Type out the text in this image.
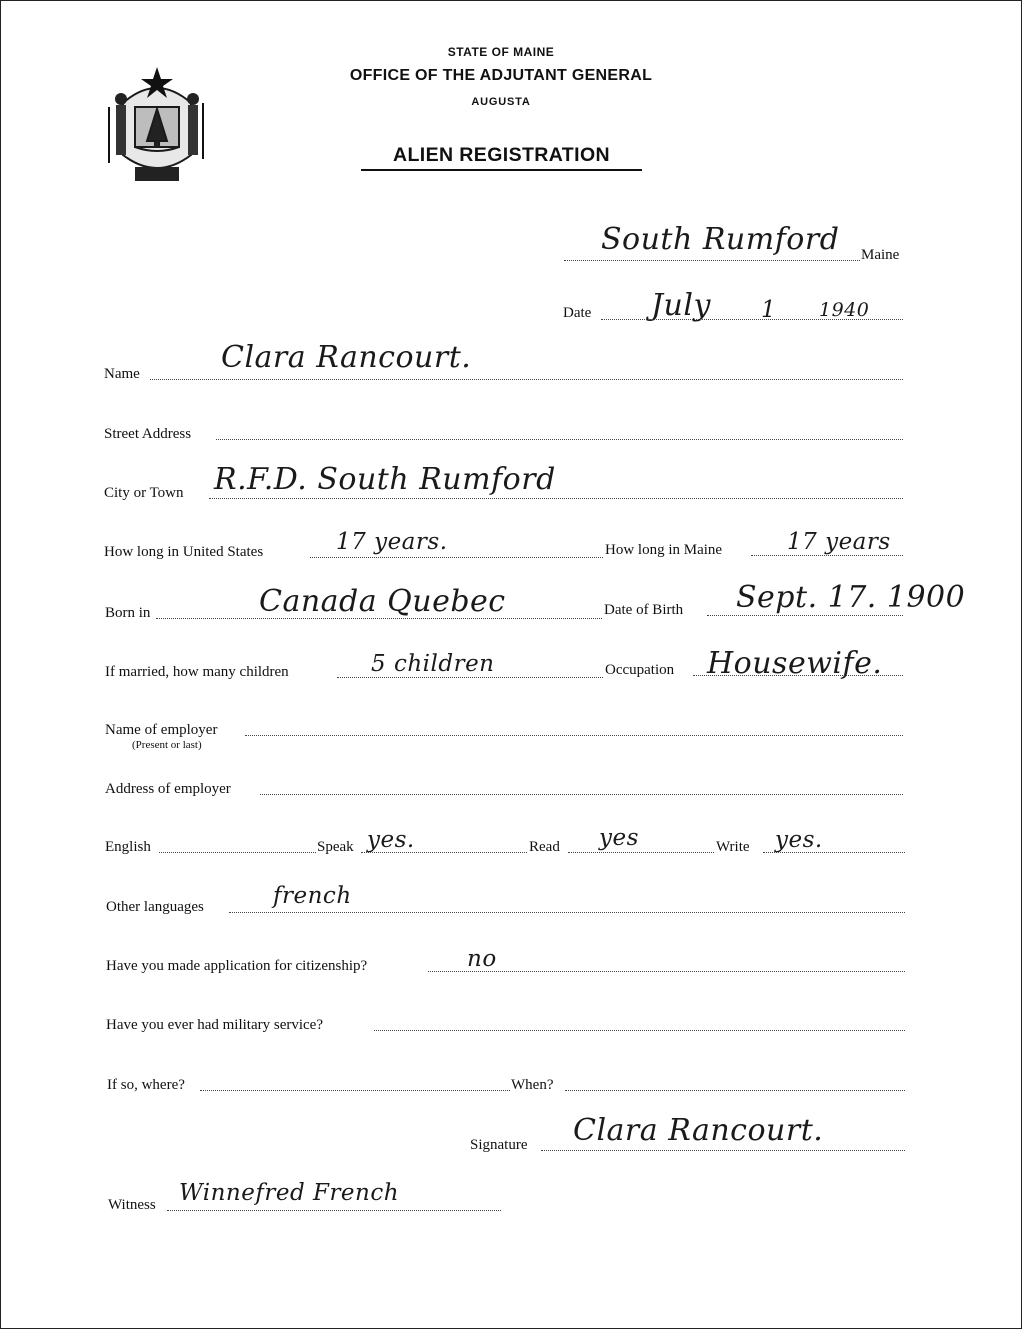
STATE OF MAINE
OFFICE OF THE ADJUTANT GENERAL
AUGUSTA
ALIEN REGISTRATION
South Rumford Maine
Date July 1 1940
Name	Clara Rancourt.
Street Address
City or Town R.F.D. South Rumford
How long in United States	17 years.	How long in Maine	17 years
Born in	Canada Quebec	Date of Birth Sept. 17. 1900
If married, how many children	5 children	Occupation Housewife.
Name of employer
(Present or last)
Address of employer
English	Speak yes.	Read yes	Write yes.
Other languages	french
Have you made application for citizenship?	no
Have you ever had military service?
If so, where?	When?
Signature Clara Rancourt.
Witness Winnefred French
